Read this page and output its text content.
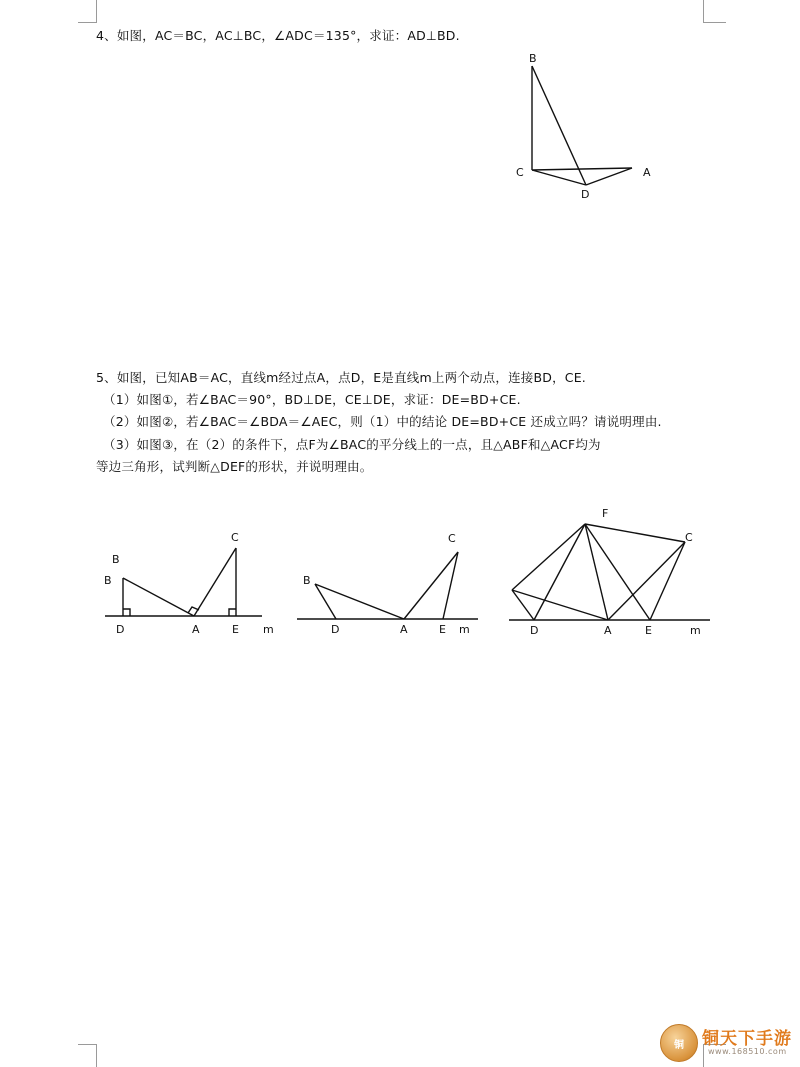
4、如图，AC＝BC，AC⊥BC，∠ADC＝135°，求证：AD⊥BD.
B
C	A
D
5、如图，已知AB＝AC，直线m经过点A，点D，E是直线m上两个动点，连接BD，CE.
（1）如图①，若∠BAC＝90°，BD⊥DE，CE⊥DE，求证：DE=BD+CE.
（2）如图②，若∠BAC＝∠BDA＝∠AEC，则（1）中的结论 DE=BD+CE 还成立吗？请说明理由.
（3）如图③，在（2）的条件下，点F为∠BAC的平分线上的一点，且△ABF和△ACF均为
等边三角形，试判断△DEF的形状，并说明理由。
B
B
C
D	A	E m
B
C
D	A	E m
F
C
D	A	E	m
铜	铜天下手游
www.168510.com
